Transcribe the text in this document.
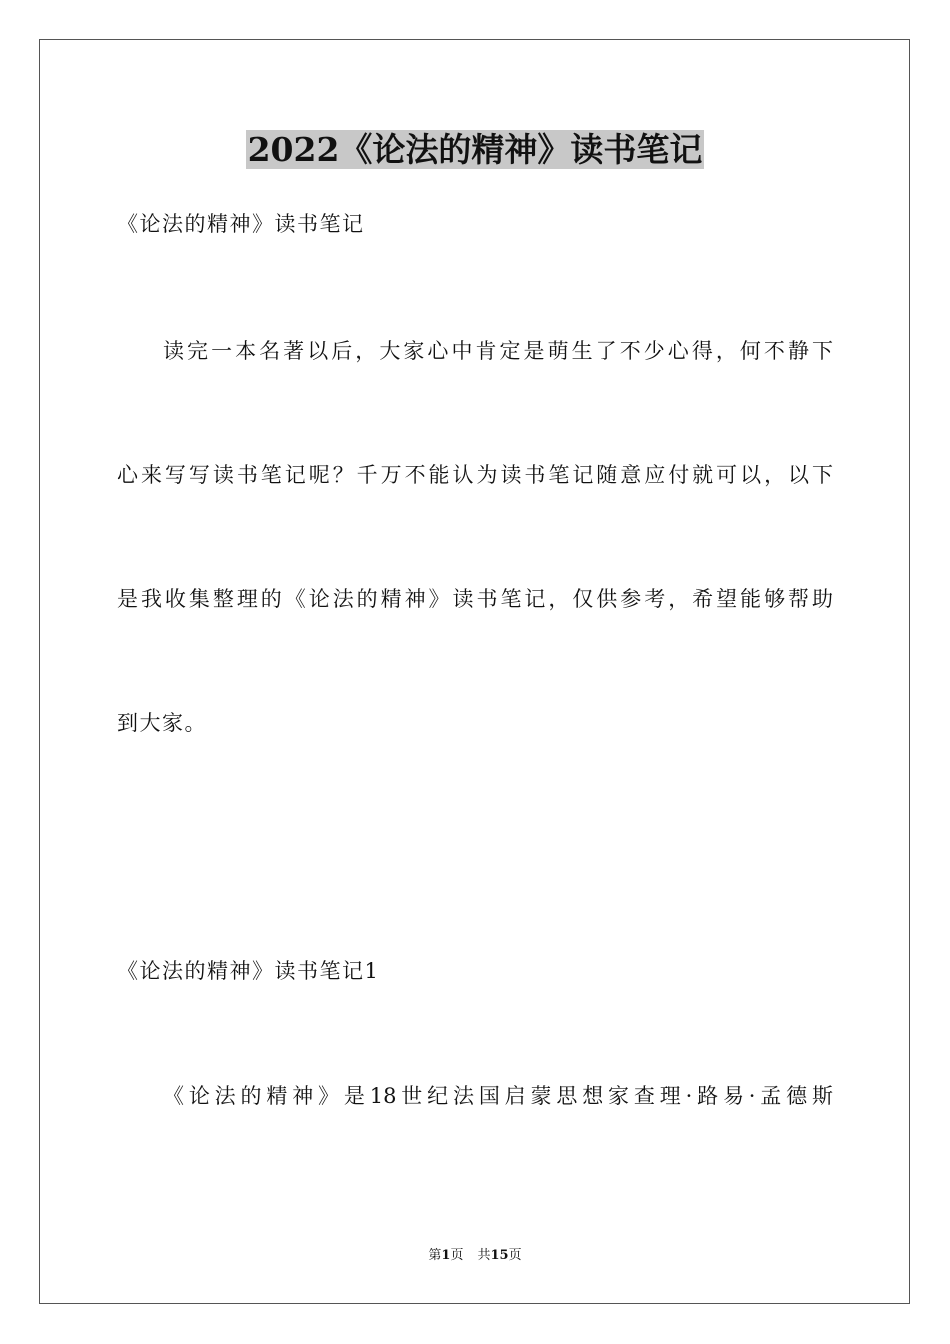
2022《论法的精神》读书笔记
《论法的精神》读书笔记
读完一本名著以后，大家心中肯定是萌生了不少心得，何不静下
心来写写读书笔记呢？千万不能认为读书笔记随意应付就可以，以下
是我收集整理的《论法的精神》读书笔记，仅供参考，希望能够帮助
到大家。
《论法的精神》读书笔记1
《论法的精神》是18世纪法国启蒙思想家查理·路易·孟德斯
第1页 共15页
